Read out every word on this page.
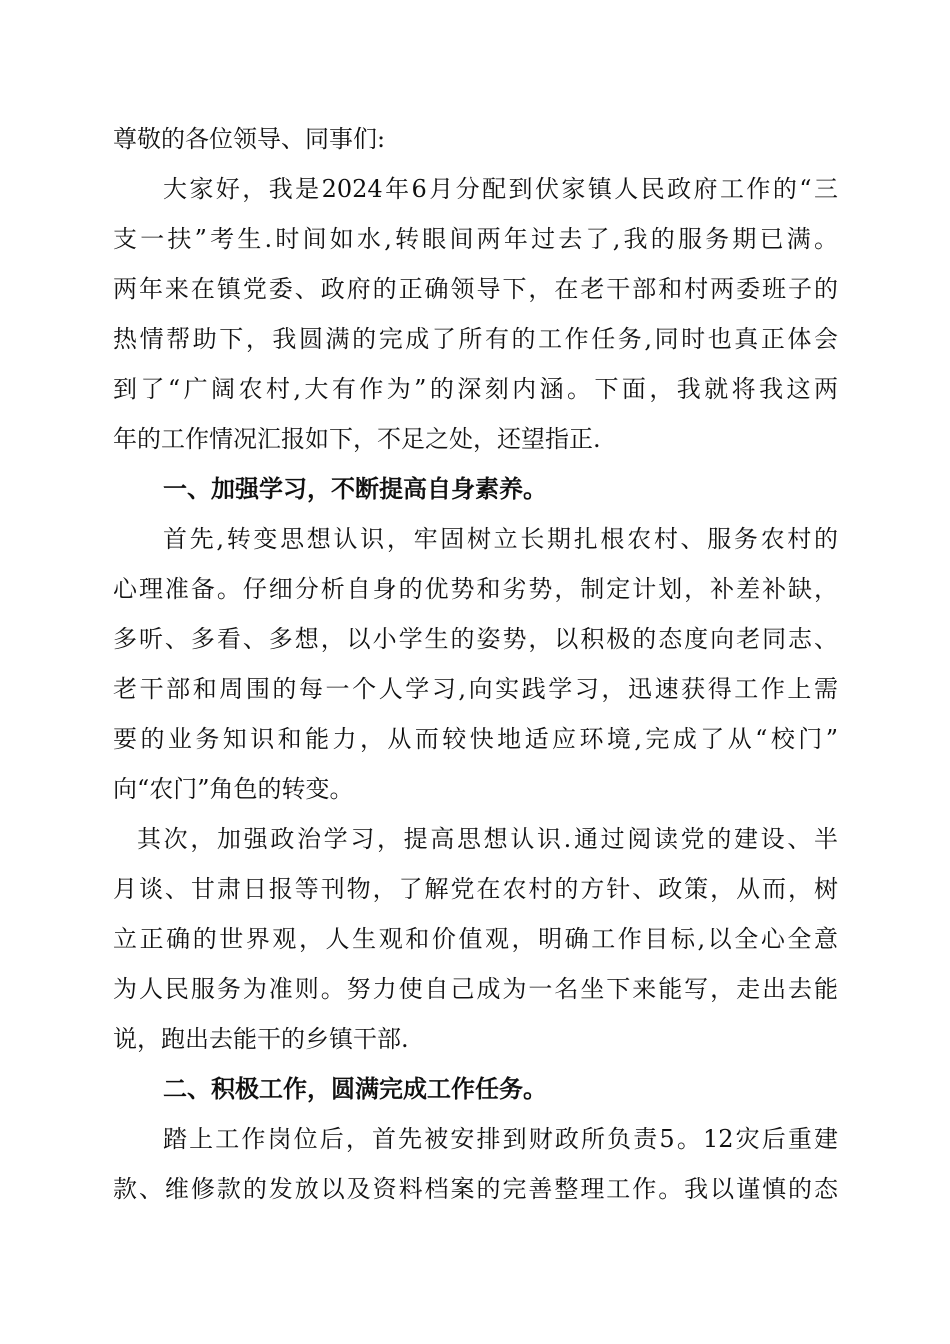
尊敬的各位领导、同事们:
大家好，我是2024年6月分配到伏家镇人民政府工作的“三
支一扶”考生.时间如水,转眼间两年过去了,我的服务期已满。
两年来在镇党委、政府的正确领导下，在老干部和村两委班子的
热情帮助下，我圆满的完成了所有的工作任务,同时也真正体会
到了“广阔农村,大有作为”的深刻内涵。下面，我就将我这两
年的工作情况汇报如下，不足之处，还望指正.
一、加强学习，不断提高自身素养。
首先,转变思想认识，牢固树立长期扎根农村、服务农村的
心理准备。仔细分析自身的优势和劣势，制定计划，补差补缺，
多听、多看、多想，以小学生的姿势，以积极的态度向老同志、
老干部和周围的每一个人学习,向实践学习，迅速获得工作上需
要的业务知识和能力，从而较快地适应环境,完成了从“校门”
向“农门”角色的转变。
其次，加强政治学习，提高思想认识.通过阅读党的建设、半
月谈、甘肃日报等刊物，了解党在农村的方针、政策，从而，树
立正确的世界观，人生观和价值观，明确工作目标,以全心全意
为人民服务为准则。努力使自己成为一名坐下来能写，走出去能
说，跑出去能干的乡镇干部.
二、积极工作，圆满完成工作任务。
踏上工作岗位后，首先被安排到财政所负责5。12灾后重建
款、维修款的发放以及资料档案的完善整理工作。我以谨慎的态
